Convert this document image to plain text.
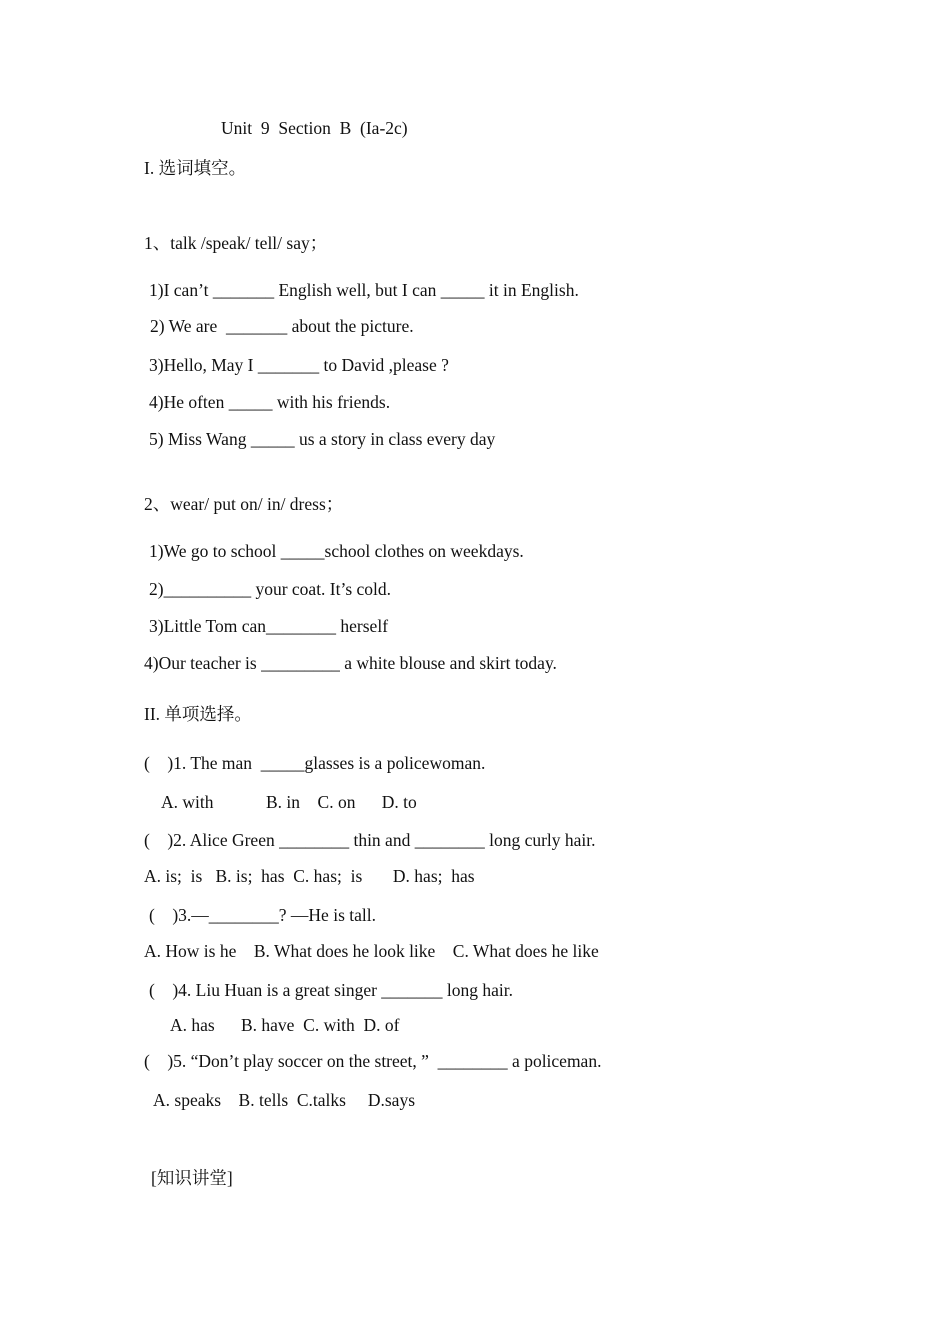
Unit  9  Section  B  (Ia-2c)
I. 选词填空。
1、talk /speak/ tell/ say；
1)I can’t _______ English well, but I can _____ it in English.
2) We are  _______ about the picture.
3)Hello, May I _______ to David ,please ?
4)He often _____ with his friends.
5) Miss Wang _____ us a story in class every day
2、wear/ put on/ in/ dress；
1)We go to school _____school clothes on weekdays.
2)__________ your coat. It’s cold.
3)Little Tom can________ herself
4)Our teacher is _________ a white blouse and skirt today.
II. 单项选择。
(    )1. The man  _____glasses is a policewoman.
A. with            B. in    C. on      D. to
(    )2. Alice Green ________ thin and ________ long curly hair.
A. is;  is   B. is;  has  C. has;  is       D. has;  has
(    )3.—________? —He is tall.
A. How is he    B. What does he look like    C. What does he like
(    )4. Liu Huan is a great singer _______ long hair.
A. has      B. have  C. with  D. of
(    )5. “Don’t play soccer on the street, ”  ________ a policeman.
A. speaks    B. tells  C.talks     D.says
[知识讲堂]
